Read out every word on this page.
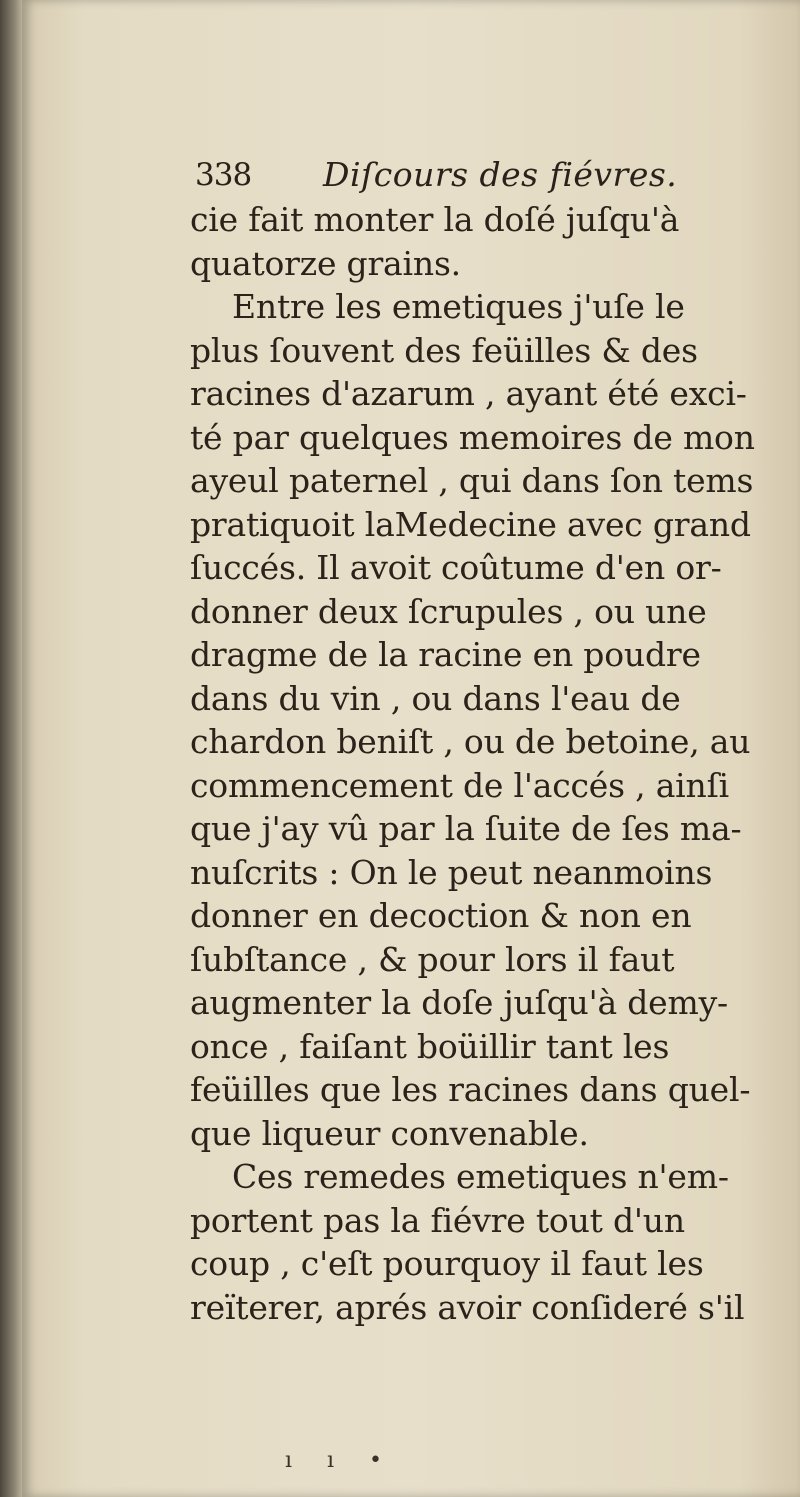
338 Diſcours des fiévres.
cie fait monter la doſé juſqu'à
quatorze grains.
Entre les emetiques j'uſe le
plus ſouvent des feüilles & des
racines d'azarum , ayant été exci-
té par quelques memoires de mon
ayeul paternel , qui dans ſon tems
pratiquoit laMedecine avec grand
ſuccés. Il avoit coûtume d'en or-
donner deux ſcrupules , ou une
dragme de la racine en poudre
dans du vin , ou dans l'eau de
chardon beniſt , ou de betoine, au
commencement de l'accés , ainſi
que j'ay vû par la ſuite de ſes ma-
nuſcrits : On le peut neanmoins
donner en decoction & non en
ſubſtance , & pour lors il faut
augmenter la doſe juſqu'à demy-
once , faiſant boüillir tant les
feüilles que les racines dans quel-
que liqueur convenable.
Ces remedes emetiques n'em-
portent pas la fiévre tout d'un
coup , c'eſt pourquoy il faut les
reïterer, aprés avoir conſideré s'il
ı ı •
